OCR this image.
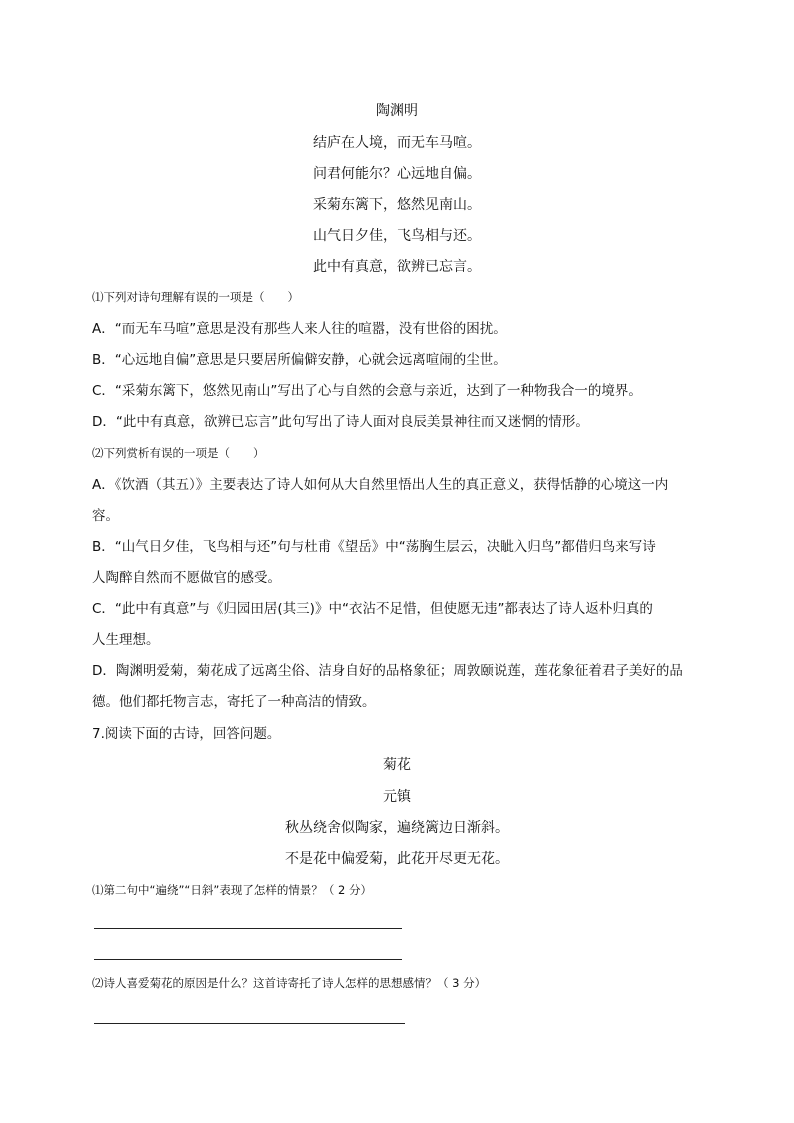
陶渊明
结庐在人境，而无车马喧。
问君何能尔？心远地自偏。
采菊东篱下，悠然见南山。
山气日夕佳，飞鸟相与还。
此中有真意，欲辨已忘言。
⑴下列对诗句理解有误的一项是（　　）
A．“而无车马喧”意思是没有那些人来人往的喧嚣，没有世俗的困扰。
B．“心远地自偏”意思是只要居所偏僻安静，心就会远离喧闹的尘世。
C．“采菊东篱下，悠然见南山”写出了心与自然的会意与亲近，达到了一种物我合一的境界。
D．“此中有真意，欲辨已忘言”此句写出了诗人面对良辰美景神往而又迷惘的情形。
⑵下列赏析有误的一项是（　　）
A．《饮酒（其五）》主要表达了诗人如何从大自然里悟出人生的真正意义，获得恬静的心境这一内
容。
B．“山气日夕佳，飞鸟相与还”句与杜甫《望岳》中“荡胸生层云，决眦入归鸟”都借归鸟来写诗
人陶醉自然而不愿做官的感受。
C．“此中有真意”与《归园田居(其三)》中“衣沾不足惜，但使愿无违”都表达了诗人返朴归真的
人生理想。
D．陶渊明爱菊，菊花成了远离尘俗、洁身自好的品格象征；周敦颐说莲，莲花象征着君子美好的品
德。他们都托物言志，寄托了一种高洁的情致。
7.阅读下面的古诗，回答问题。
菊花
元镇
秋丛绕舍似陶家，遍绕篱边日渐斜。
不是花中偏爱菊，此花开尽更无花。
⑴第二句中“遍绕”“日斜”表现了怎样的情景？（ 2 分）
⑵诗人喜爱菊花的原因是什么？这首诗寄托了诗人怎样的思想感情？（ 3 分）
